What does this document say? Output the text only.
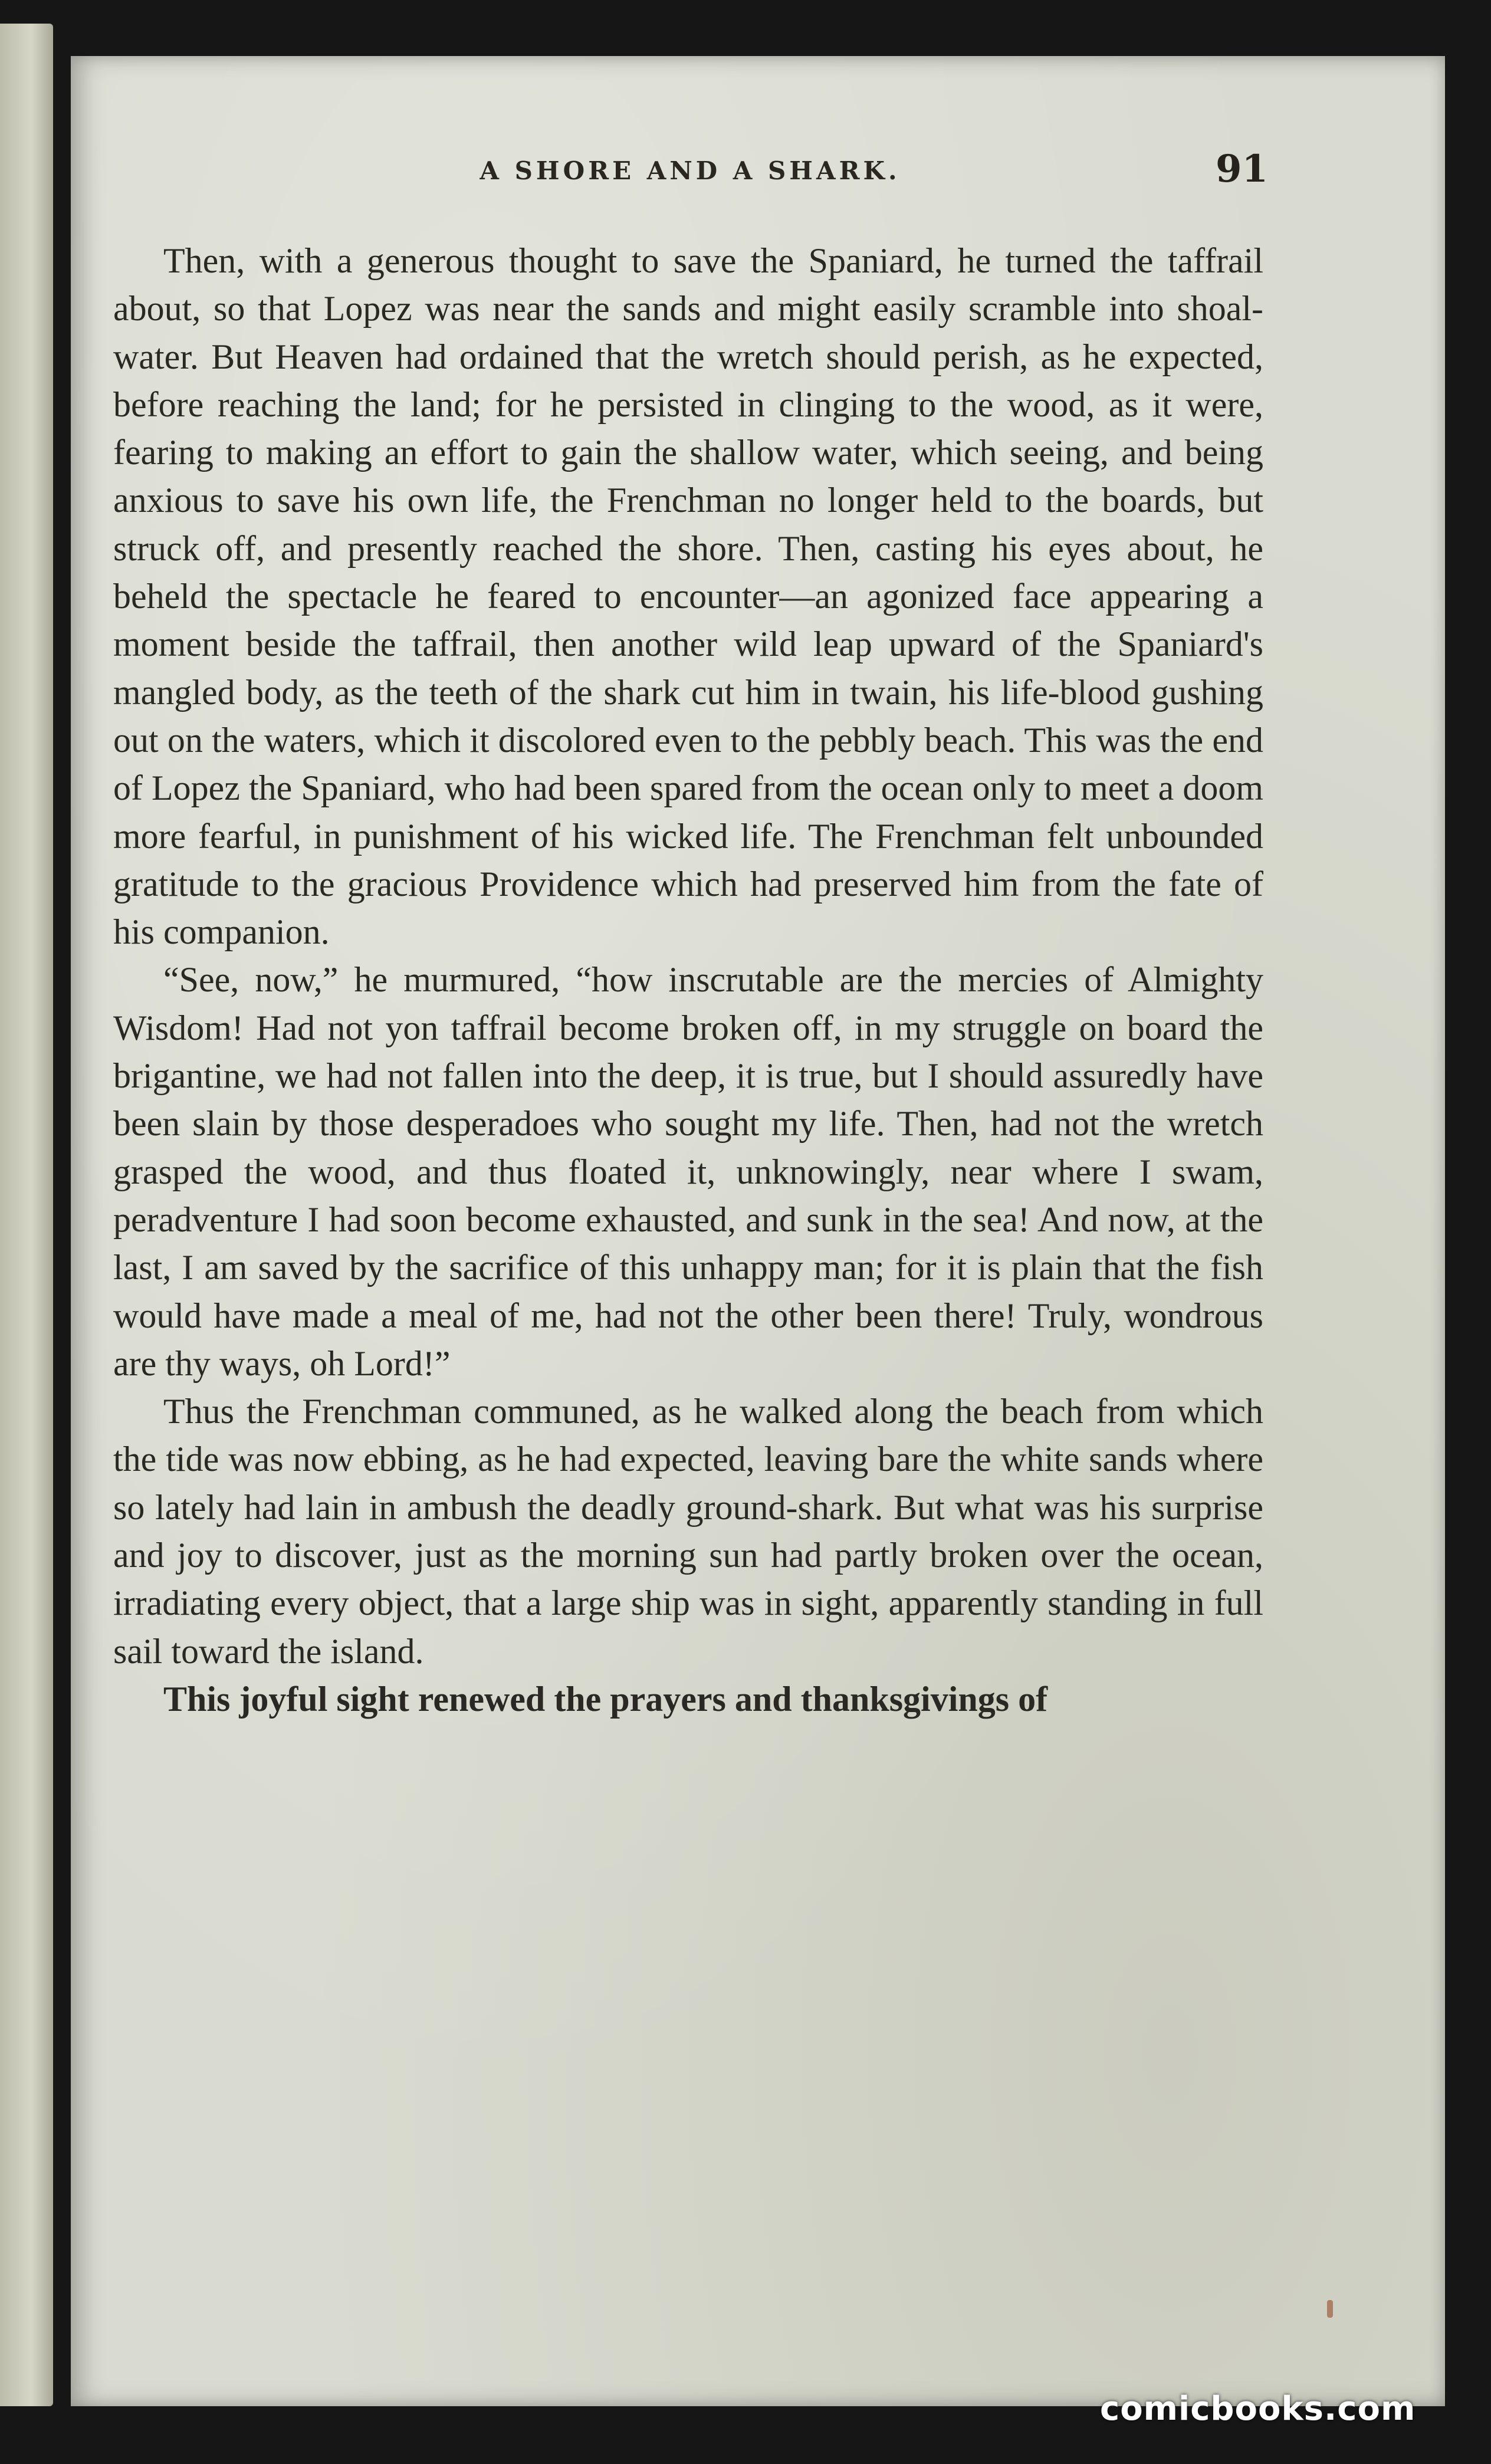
A SHORE AND A SHARK.	91

Then, with a generous thought to save the Spaniard, he turned the taffrail about, so that Lopez was near the sands and might easily scramble into shoal-water. But Heaven had ordained that the wretch should perish, as he expected, before reaching the land; for he persisted in clinging to the wood, as it were, fearing to making an effort to gain the shallow water, which seeing, and being anxious to save his own life, the Frenchman no longer held to the boards, but struck off, and presently reached the shore. Then, casting his eyes about, he beheld the spectacle he feared to encounter—an agonized face appearing a moment beside the taffrail, then another wild leap upward of the Spaniard's mangled body, as the teeth of the shark cut him in twain, his life-blood gushing out on the waters, which it discolored even to the pebbly beach. This was the end of Lopez the Spaniard, who had been spared from the ocean only to meet a doom more fearful, in punishment of his wicked life. The Frenchman felt unbounded gratitude to the gracious Providence which had preserved him from the fate of his companion.

“See, now,” he murmured, “how inscrutable are the mercies of Almighty Wisdom! Had not yon taffrail become broken off, in my struggle on board the brigantine, we had not fallen into the deep, it is true, but I should assuredly have been slain by those desperadoes who sought my life. Then, had not the wretch grasped the wood, and thus floated it, unknowingly, near where I swam, peradventure I had soon become exhausted, and sunk in the sea! And now, at the last, I am saved by the sacrifice of this unhappy man; for it is plain that the fish would have made a meal of me, had not the other been there! Truly, wondrous are thy ways, oh Lord!”

Thus the Frenchman communed, as he walked along the beach from which the tide was now ebbing, as he had expected, leaving bare the white sands where so lately had lain in ambush the deadly ground-shark. But what was his surprise and joy to discover, just as the morning sun had partly broken over the ocean, irradiating every object, that a large ship was in sight, apparently standing in full sail toward the island.

This joyful sight renewed the prayers and thanksgivings of

comicbooks.com
